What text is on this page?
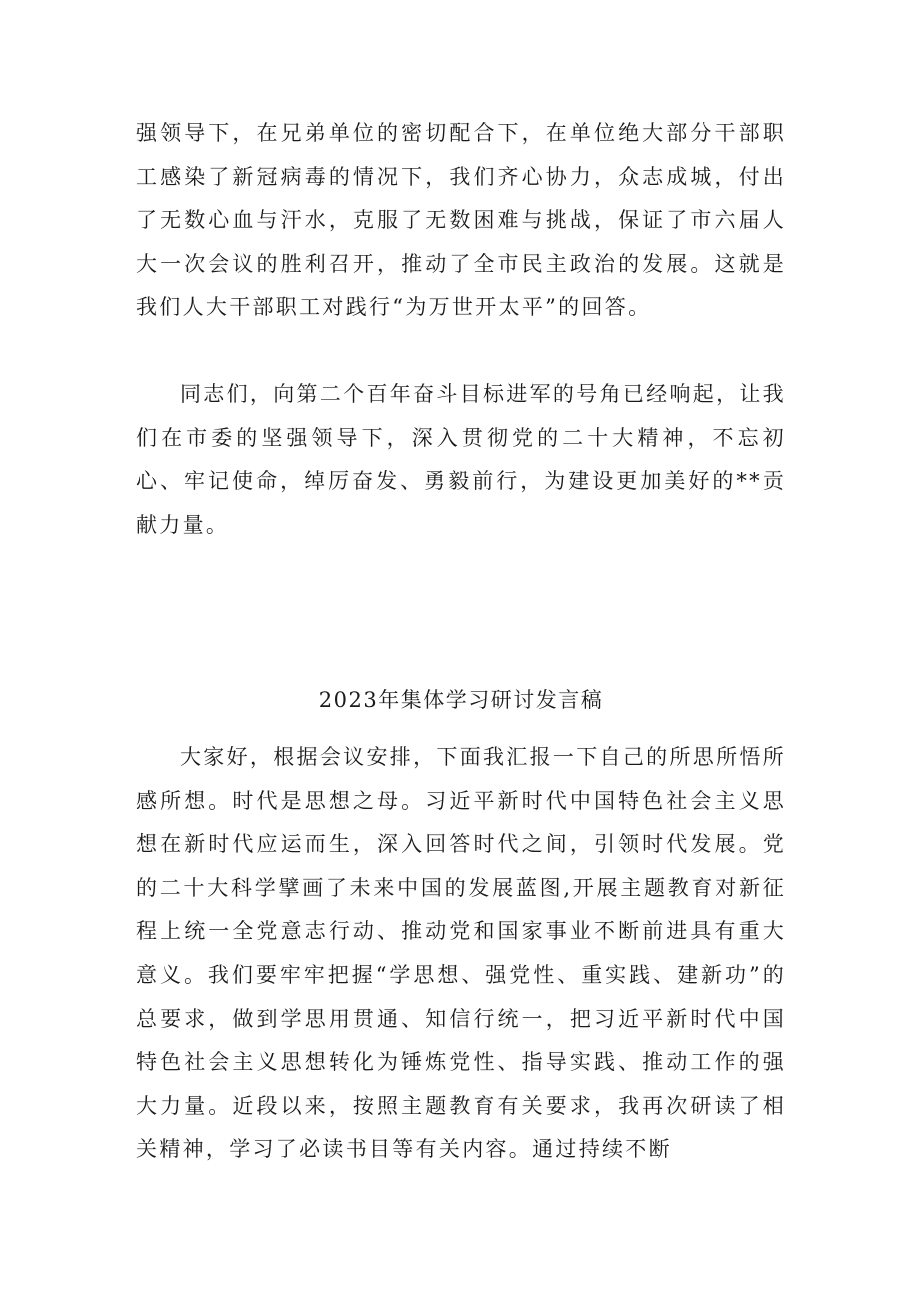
强领导下，在兄弟单位的密切配合下，在单位绝大部分干部职工感染了新冠病毒的情况下，我们齐心协力，众志成城，付出了无数心血与汗水，克服了无数困难与挑战，保证了市六届人大一次会议的胜利召开，推动了全市民主政治的发展。这就是我们人大干部职工对践行“为万世开太平”的回答。

同志们，向第二个百年奋斗目标进军的号角已经响起，让我们在市委的坚强领导下，深入贯彻党的二十大精神，不忘初心、牢记使命，绰厉奋发、勇毅前行，为建设更加美好的**贡献力量。

2023年集体学习研讨发言稿

大家好，根据会议安排，下面我汇报一下自己的所思所悟所感所想。时代是思想之母。习近平新时代中国特色社会主义思想在新时代应运而生，深入回答时代之间，引领时代发展。党的二十大科学擘画了未来中国的发展蓝图,开展主题教育对新征程上统一全党意志行动、推动党和国家事业不断前进具有重大意义。我们要牢牢把握“学思想、强党性、重实践、建新功”的总要求，做到学思用贯通、知信行统一，把习近平新时代中国特色社会主义思想转化为锤炼党性、指导实践、推动工作的强大力量。近段以来，按照主题教育有关要求，我再次研读了相关精神，学习了必读书目等有关内容。通过持续不断
